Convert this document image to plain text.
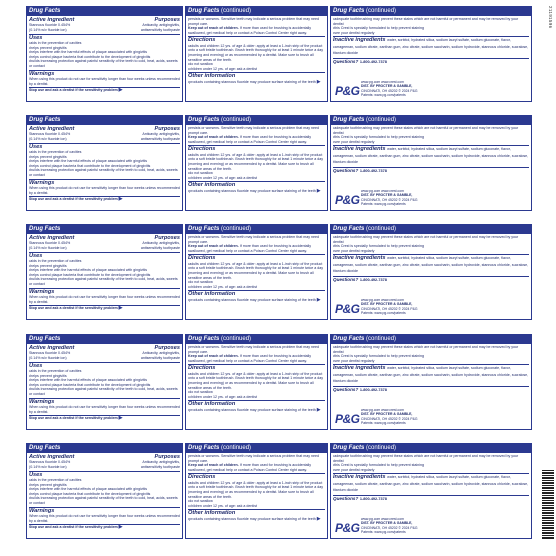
Drug Facts
Active ingredient	Purposes
Stannous fluoride 0.454%	Anticavity, antigingivitis,
(0.14% w/v fluoride ion)	antisensitivity toothpaste
Uses
• aids in the prevention of cavities
• helps prevent gingivitis
• helps interfere with the harmful effects of plaque associated with gingivitis
• helps control plaque bacteria that contribute to the development of gingivitis
• builds increasing protection against painful sensitivity of the teeth to cold, heat, acids, sweets or contact
Warnings
When using this product do not use for sensitivity longer than four weeks unless recommended by a dentist.
Stop use and ask a dentist if the sensitivity problem ▶
Drug Facts (continued)
persists or worsens. Sensitive teeth may indicate a serious problem that may need prompt care.
Keep out of reach of children. If more than used for brushing is accidentally swallowed, get medical help or contact a Poison Control Center right away.
Directions
• adults and children 12 yrs. of age & older: apply at least a 1-inch strip of the product onto a soft bristle toothbrush. Brush teeth thoroughly for at least 1 minute twice a day (morning and evening) or as recommended by a dentist. Make sure to brush all sensitive areas of the teeth.
• do not swallow
• children under 12 yrs. of age: ask a dentist
Other information
• products containing stannous fluoride may produce surface staining of the teeth ▶
Drug Facts (continued)
• adequate toothbrushing may prevent these stains which are not harmful or permanent and may be removed by your dentist
• this Crest is specially formulated to help prevent staining
• see your dentist regularly
Inactive ingredients water, sorbitol, hydrated silica, sodium lauryl sulfate, sodium gluconate, flavor, carrageenan, sodium citrate, xanthan gum, zinc citrate, sodium saccharin, sodium hydroxide, stannous chloride, sucralose, titanium dioxide
Questions? 1-800-492-7378
P&G
www.pg.com www.crest.com
DIST. BY PROCTER & GAMBLE,
CINCINNATI, OH 45202 © 2024 P&G
Patents: www.pg.com/patents
Drug Facts
Active ingredient	Purposes
Stannous fluoride 0.454%	Anticavity, antigingivitis,
(0.14% w/v fluoride ion)	antisensitivity toothpaste
Uses
• aids in the prevention of cavities
• helps prevent gingivitis
• helps interfere with the harmful effects of plaque associated with gingivitis
• helps control plaque bacteria that contribute to the development of gingivitis
• builds increasing protection against painful sensitivity of the teeth to cold, heat, acids, sweets or contact
Warnings
When using this product do not use for sensitivity longer than four weeks unless recommended by a dentist.
Stop use and ask a dentist if the sensitivity problem ▶
Drug Facts (continued)
persists or worsens. Sensitive teeth may indicate a serious problem that may need prompt care.
Keep out of reach of children. If more than used for brushing is accidentally swallowed, get medical help or contact a Poison Control Center right away.
Directions
• adults and children 12 yrs. of age & older: apply at least a 1-inch strip of the product onto a soft bristle toothbrush. Brush teeth thoroughly for at least 1 minute twice a day (morning and evening) or as recommended by a dentist. Make sure to brush all sensitive areas of the teeth.
• do not swallow
• children under 12 yrs. of age: ask a dentist
Other information
• products containing stannous fluoride may produce surface staining of the teeth ▶
Drug Facts (continued)
• adequate toothbrushing may prevent these stains which are not harmful or permanent and may be removed by your dentist
• this Crest is specially formulated to help prevent staining
• see your dentist regularly
Inactive ingredients water, sorbitol, hydrated silica, sodium lauryl sulfate, sodium gluconate, flavor, carrageenan, sodium citrate, xanthan gum, zinc citrate, sodium saccharin, sodium hydroxide, stannous chloride, sucralose, titanium dioxide
Questions? 1-800-492-7378
P&G
www.pg.com www.crest.com
DIST. BY PROCTER & GAMBLE,
CINCINNATI, OH 45202 © 2024 P&G
Patents: www.pg.com/patents
Drug Facts
Active ingredient	Purposes
Stannous fluoride 0.454%	Anticavity, antigingivitis,
(0.14% w/v fluoride ion)	antisensitivity toothpaste
Uses
• aids in the prevention of cavities
• helps prevent gingivitis
• helps interfere with the harmful effects of plaque associated with gingivitis
• helps control plaque bacteria that contribute to the development of gingivitis
• builds increasing protection against painful sensitivity of the teeth to cold, heat, acids, sweets or contact
Warnings
When using this product do not use for sensitivity longer than four weeks unless recommended by a dentist.
Stop use and ask a dentist if the sensitivity problem ▶
Drug Facts (continued)
persists or worsens. Sensitive teeth may indicate a serious problem that may need prompt care.
Keep out of reach of children. If more than used for brushing is accidentally swallowed, get medical help or contact a Poison Control Center right away.
Directions
• adults and children 12 yrs. of age & older: apply at least a 1-inch strip of the product onto a soft bristle toothbrush. Brush teeth thoroughly for at least 1 minute twice a day (morning and evening) or as recommended by a dentist. Make sure to brush all sensitive areas of the teeth.
• do not swallow
• children under 12 yrs. of age: ask a dentist
Other information
• products containing stannous fluoride may produce surface staining of the teeth ▶
Drug Facts (continued)
• adequate toothbrushing may prevent these stains which are not harmful or permanent and may be removed by your dentist
• this Crest is specially formulated to help prevent staining
• see your dentist regularly
Inactive ingredients water, sorbitol, hydrated silica, sodium lauryl sulfate, sodium gluconate, flavor, carrageenan, sodium citrate, xanthan gum, zinc citrate, sodium saccharin, sodium hydroxide, stannous chloride, sucralose, titanium dioxide
Questions? 1-800-492-7378
P&G
www.pg.com www.crest.com
DIST. BY PROCTER & GAMBLE,
CINCINNATI, OH 45202 © 2024 P&G
Patents: www.pg.com/patents
Drug Facts
Active ingredient	Purposes
Stannous fluoride 0.454%	Anticavity, antigingivitis,
(0.14% w/v fluoride ion)	antisensitivity toothpaste
Uses
• aids in the prevention of cavities
• helps prevent gingivitis
• helps interfere with the harmful effects of plaque associated with gingivitis
• helps control plaque bacteria that contribute to the development of gingivitis
• builds increasing protection against painful sensitivity of the teeth to cold, heat, acids, sweets or contact
Warnings
When using this product do not use for sensitivity longer than four weeks unless recommended by a dentist.
Stop use and ask a dentist if the sensitivity problem ▶
Drug Facts (continued)
persists or worsens. Sensitive teeth may indicate a serious problem that may need prompt care.
Keep out of reach of children. If more than used for brushing is accidentally swallowed, get medical help or contact a Poison Control Center right away.
Directions
• adults and children 12 yrs. of age & older: apply at least a 1-inch strip of the product onto a soft bristle toothbrush. Brush teeth thoroughly for at least 1 minute twice a day (morning and evening) or as recommended by a dentist. Make sure to brush all sensitive areas of the teeth.
• do not swallow
• children under 12 yrs. of age: ask a dentist
Other information
• products containing stannous fluoride may produce surface staining of the teeth ▶
Drug Facts (continued)
• adequate toothbrushing may prevent these stains which are not harmful or permanent and may be removed by your dentist
• this Crest is specially formulated to help prevent staining
• see your dentist regularly
Inactive ingredients water, sorbitol, hydrated silica, sodium lauryl sulfate, sodium gluconate, flavor, carrageenan, sodium citrate, xanthan gum, zinc citrate, sodium saccharin, sodium hydroxide, stannous chloride, sucralose, titanium dioxide
Questions? 1-800-492-7378
P&G
www.pg.com www.crest.com
DIST. BY PROCTER & GAMBLE,
CINCINNATI, OH 45202 © 2024 P&G
Patents: www.pg.com/patents
Drug Facts
Active ingredient	Purposes
Stannous fluoride 0.454%	Anticavity, antigingivitis,
(0.14% w/v fluoride ion)	antisensitivity toothpaste
Uses
• aids in the prevention of cavities
• helps prevent gingivitis
• helps interfere with the harmful effects of plaque associated with gingivitis
• helps control plaque bacteria that contribute to the development of gingivitis
• builds increasing protection against painful sensitivity of the teeth to cold, heat, acids, sweets or contact
Warnings
When using this product do not use for sensitivity longer than four weeks unless recommended by a dentist.
Stop use and ask a dentist if the sensitivity problem ▶
Drug Facts (continued)
persists or worsens. Sensitive teeth may indicate a serious problem that may need prompt care.
Keep out of reach of children. If more than used for brushing is accidentally swallowed, get medical help or contact a Poison Control Center right away.
Directions
• adults and children 12 yrs. of age & older: apply at least a 1-inch strip of the product onto a soft bristle toothbrush. Brush teeth thoroughly for at least 1 minute twice a day (morning and evening) or as recommended by a dentist. Make sure to brush all sensitive areas of the teeth.
• do not swallow
• children under 12 yrs. of age: ask a dentist
Other information
• products containing stannous fluoride may produce surface staining of the teeth ▶
Drug Facts (continued)
• adequate toothbrushing may prevent these stains which are not harmful or permanent and may be removed by your dentist
• this Crest is specially formulated to help prevent staining
• see your dentist regularly
Inactive ingredients water, sorbitol, hydrated silica, sodium lauryl sulfate, sodium gluconate, flavor, carrageenan, sodium citrate, xanthan gum, zinc citrate, sodium saccharin, sodium hydroxide, stannous chloride, sucralose, titanium dioxide
Questions? 1-800-492-7378
P&G
www.pg.com www.crest.com
DIST. BY PROCTER & GAMBLE,
CINCINNATI, OH 45202 © 2024 P&G
Patents: www.pg.com/patents
21191596
